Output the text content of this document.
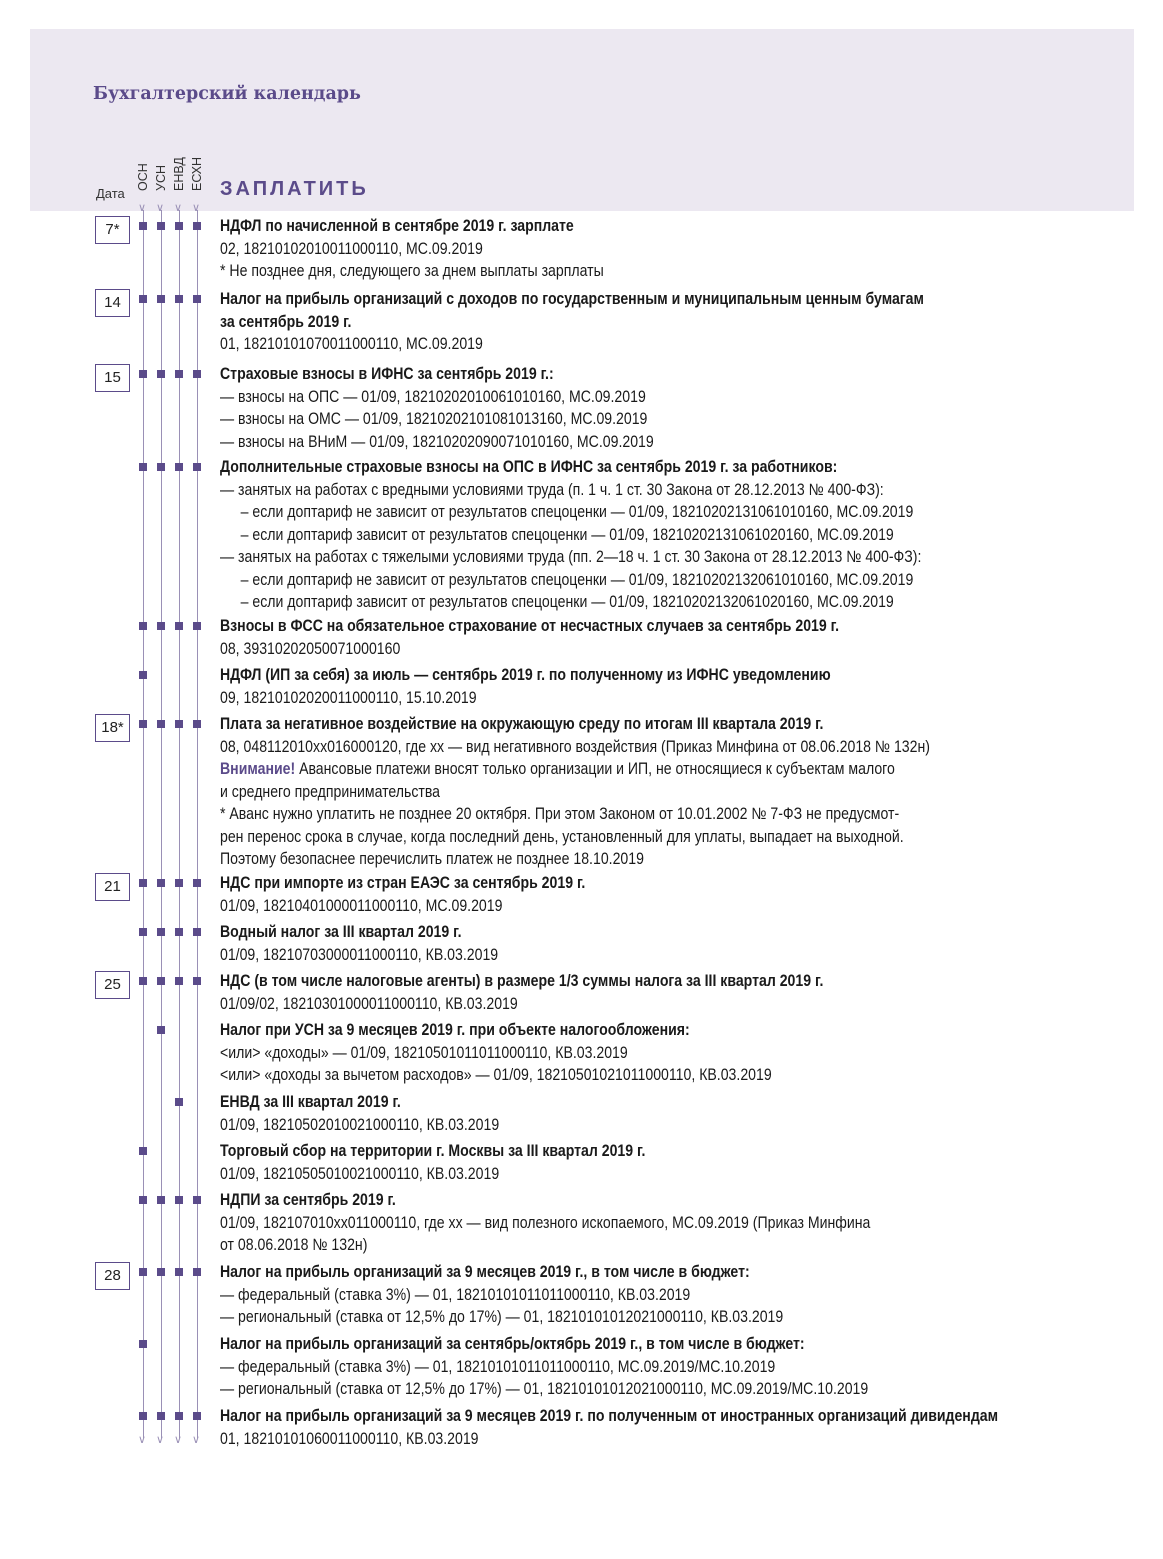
Бухгалтерский календарь
Дата
ОСН УСН ЕНВД ЕСХН ЗАПЛАТИТЬ
∨ ∨ ∨ ∨
∨ ∨ ∨ ∨
7*
14
15
18*
21
25
28
НДФЛ по начисленной в сентябре 2019 г. зарплате
02, 18210102010011000110, МС.09.2019
* Не позднее дня, следующего за днем выплаты зарплаты
Налог на прибыль организаций с доходов по государственным и муниципальным ценным бумагам
за сентябрь 2019 г.
01, 18210101070011000110, МС.09.2019
Страховые взносы в ИФНС за сентябрь 2019 г.:
— взносы на ОПС — 01/09, 18210202010061010160, МС.09.2019
— взносы на ОМС — 01/09, 18210202101081013160, МС.09.2019
— взносы на ВНиМ — 01/09, 18210202090071010160, МС.09.2019
Дополнительные страховые взносы на ОПС в ИФНС за сентябрь 2019 г. за работников:
— занятых на работах с вредными условиями труда (п. 1 ч. 1 ст. 30 Закона от 28.12.2013 № 400-ФЗ):
– если доптариф не зависит от результатов спецоценки — 01/09, 18210202131061010160, МС.09.2019
– если доптариф зависит от результатов спецоценки — 01/09, 18210202131061020160, МС.09.2019
— занятых на работах с тяжелыми условиями труда (пп. 2—18 ч. 1 ст. 30 Закона от 28.12.2013 № 400-ФЗ):
– если доптариф не зависит от результатов спецоценки — 01/09, 18210202132061010160, МС.09.2019
– если доптариф зависит от результатов спецоценки — 01/09, 18210202132061020160, МС.09.2019
Взносы в ФСС на обязательное страхование от несчастных случаев за сентябрь 2019 г.
08, 39310202050071000160
НДФЛ (ИП за себя) за июль — сентябрь 2019 г. по полученному из ИФНС уведомлению
09, 18210102020011000110, 15.10.2019
Плата за негативное воздействие на окружающую среду по итогам III квартала 2019 г.
08, 048112010xx016000120, где xx — вид негативного воздействия (Приказ Минфина от 08.06.2018 № 132н)
Внимание! Авансовые платежи вносят только организации и ИП, не относящиеся к субъектам малого
и среднего предпринимательства
* Аванс нужно уплатить не позднее 20 октября. При этом Законом от 10.01.2002 № 7-ФЗ не предусмот-
рен перенос срока в случае, когда последний день, установленный для уплаты, выпадает на выходной.
Поэтому безопаснее перечислить платеж не позднее 18.10.2019
НДС при импорте из стран ЕАЭС за сентябрь 2019 г.
01/09, 18210401000011000110, МС.09.2019
Водный налог за III квартал 2019 г.
01/09, 18210703000011000110, КВ.03.2019
НДС (в том числе налоговые агенты) в размере 1/3 суммы налога за III квартал 2019 г.
01/09/02, 18210301000011000110, КВ.03.2019
Налог при УСН за 9 месяцев 2019 г. при объекте налогообложения:
<или> «доходы» — 01/09, 18210501011011000110, КВ.03.2019
<или> «доходы за вычетом расходов» — 01/09, 18210501021011000110, КВ.03.2019
ЕНВД за III квартал 2019 г.
01/09, 18210502010021000110, КВ.03.2019
Торговый сбор на территории г. Москвы за III квартал 2019 г.
01/09, 18210505010021000110, КВ.03.2019
НДПИ за сентябрь 2019 г.
01/09, 182107010xx011000110, где xx — вид полезного ископаемого, МС.09.2019 (Приказ Минфина
от 08.06.2018 № 132н)
Налог на прибыль организаций за 9 месяцев 2019 г., в том числе в бюджет:
— федеральный (ставка 3%) — 01, 18210101011011000110, КВ.03.2019
— региональный (ставка от 12,5% до 17%) — 01, 18210101012021000110, КВ.03.2019
Налог на прибыль организаций за сентябрь/октябрь 2019 г., в том числе в бюджет:
— федеральный (ставка 3%) — 01, 18210101011011000110, МС.09.2019/МС.10.2019
— региональный (ставка от 12,5% до 17%) — 01, 18210101012021000110, МС.09.2019/МС.10.2019
Налог на прибыль организаций за 9 месяцев 2019 г. по полученным от иностранных организаций дивидендам
01, 18210101060011000110, КВ.03.2019
